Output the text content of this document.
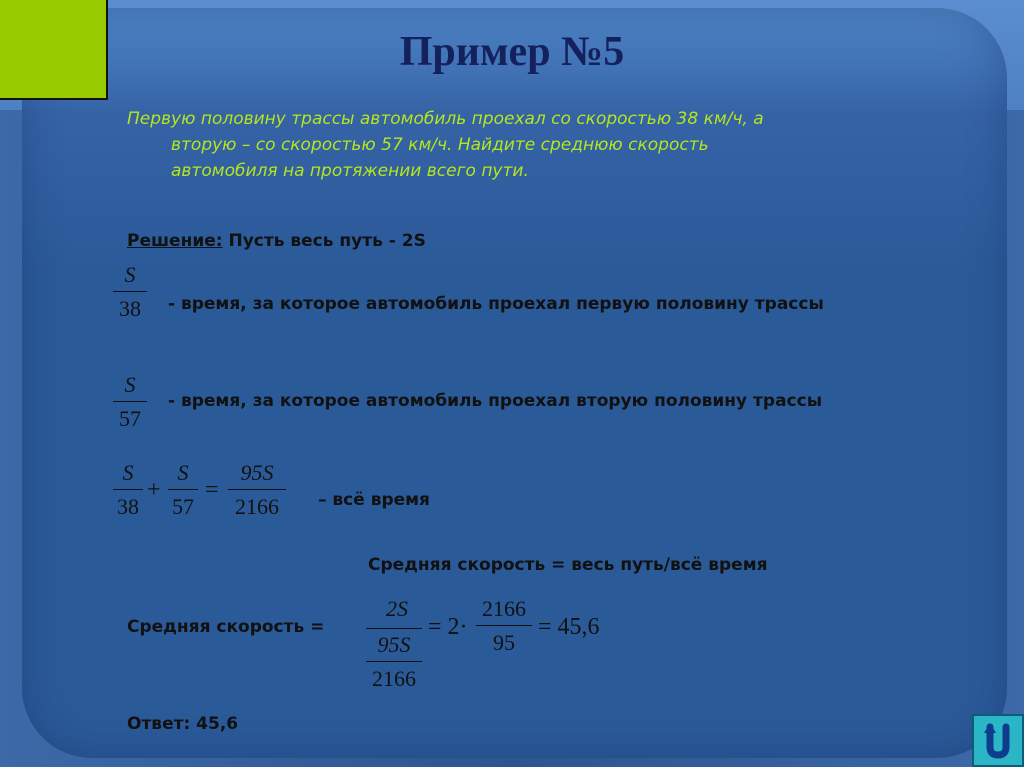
Пример №5
Первую половину трассы автомобиль проехал со скоростью 38 км/ч, а
вторую – со скоростью 57 км/ч. Найдите среднюю скорость
автомобиля на протяжении всего пути.
Решение: Пусть весь путь - 2S
S
38	- время, за которое автомобиль проехал первую половину трассы
S
57
- время, за которое автомобиль проехал вторую половину трассы
S
38
+
S
57
=
95S
2166	– всё время
Средняя скорость = весь путь/всё время
Средняя скорость =
2S
95S
2166
= 2·
2166
95
= 45,6
Ответ: 45,6
